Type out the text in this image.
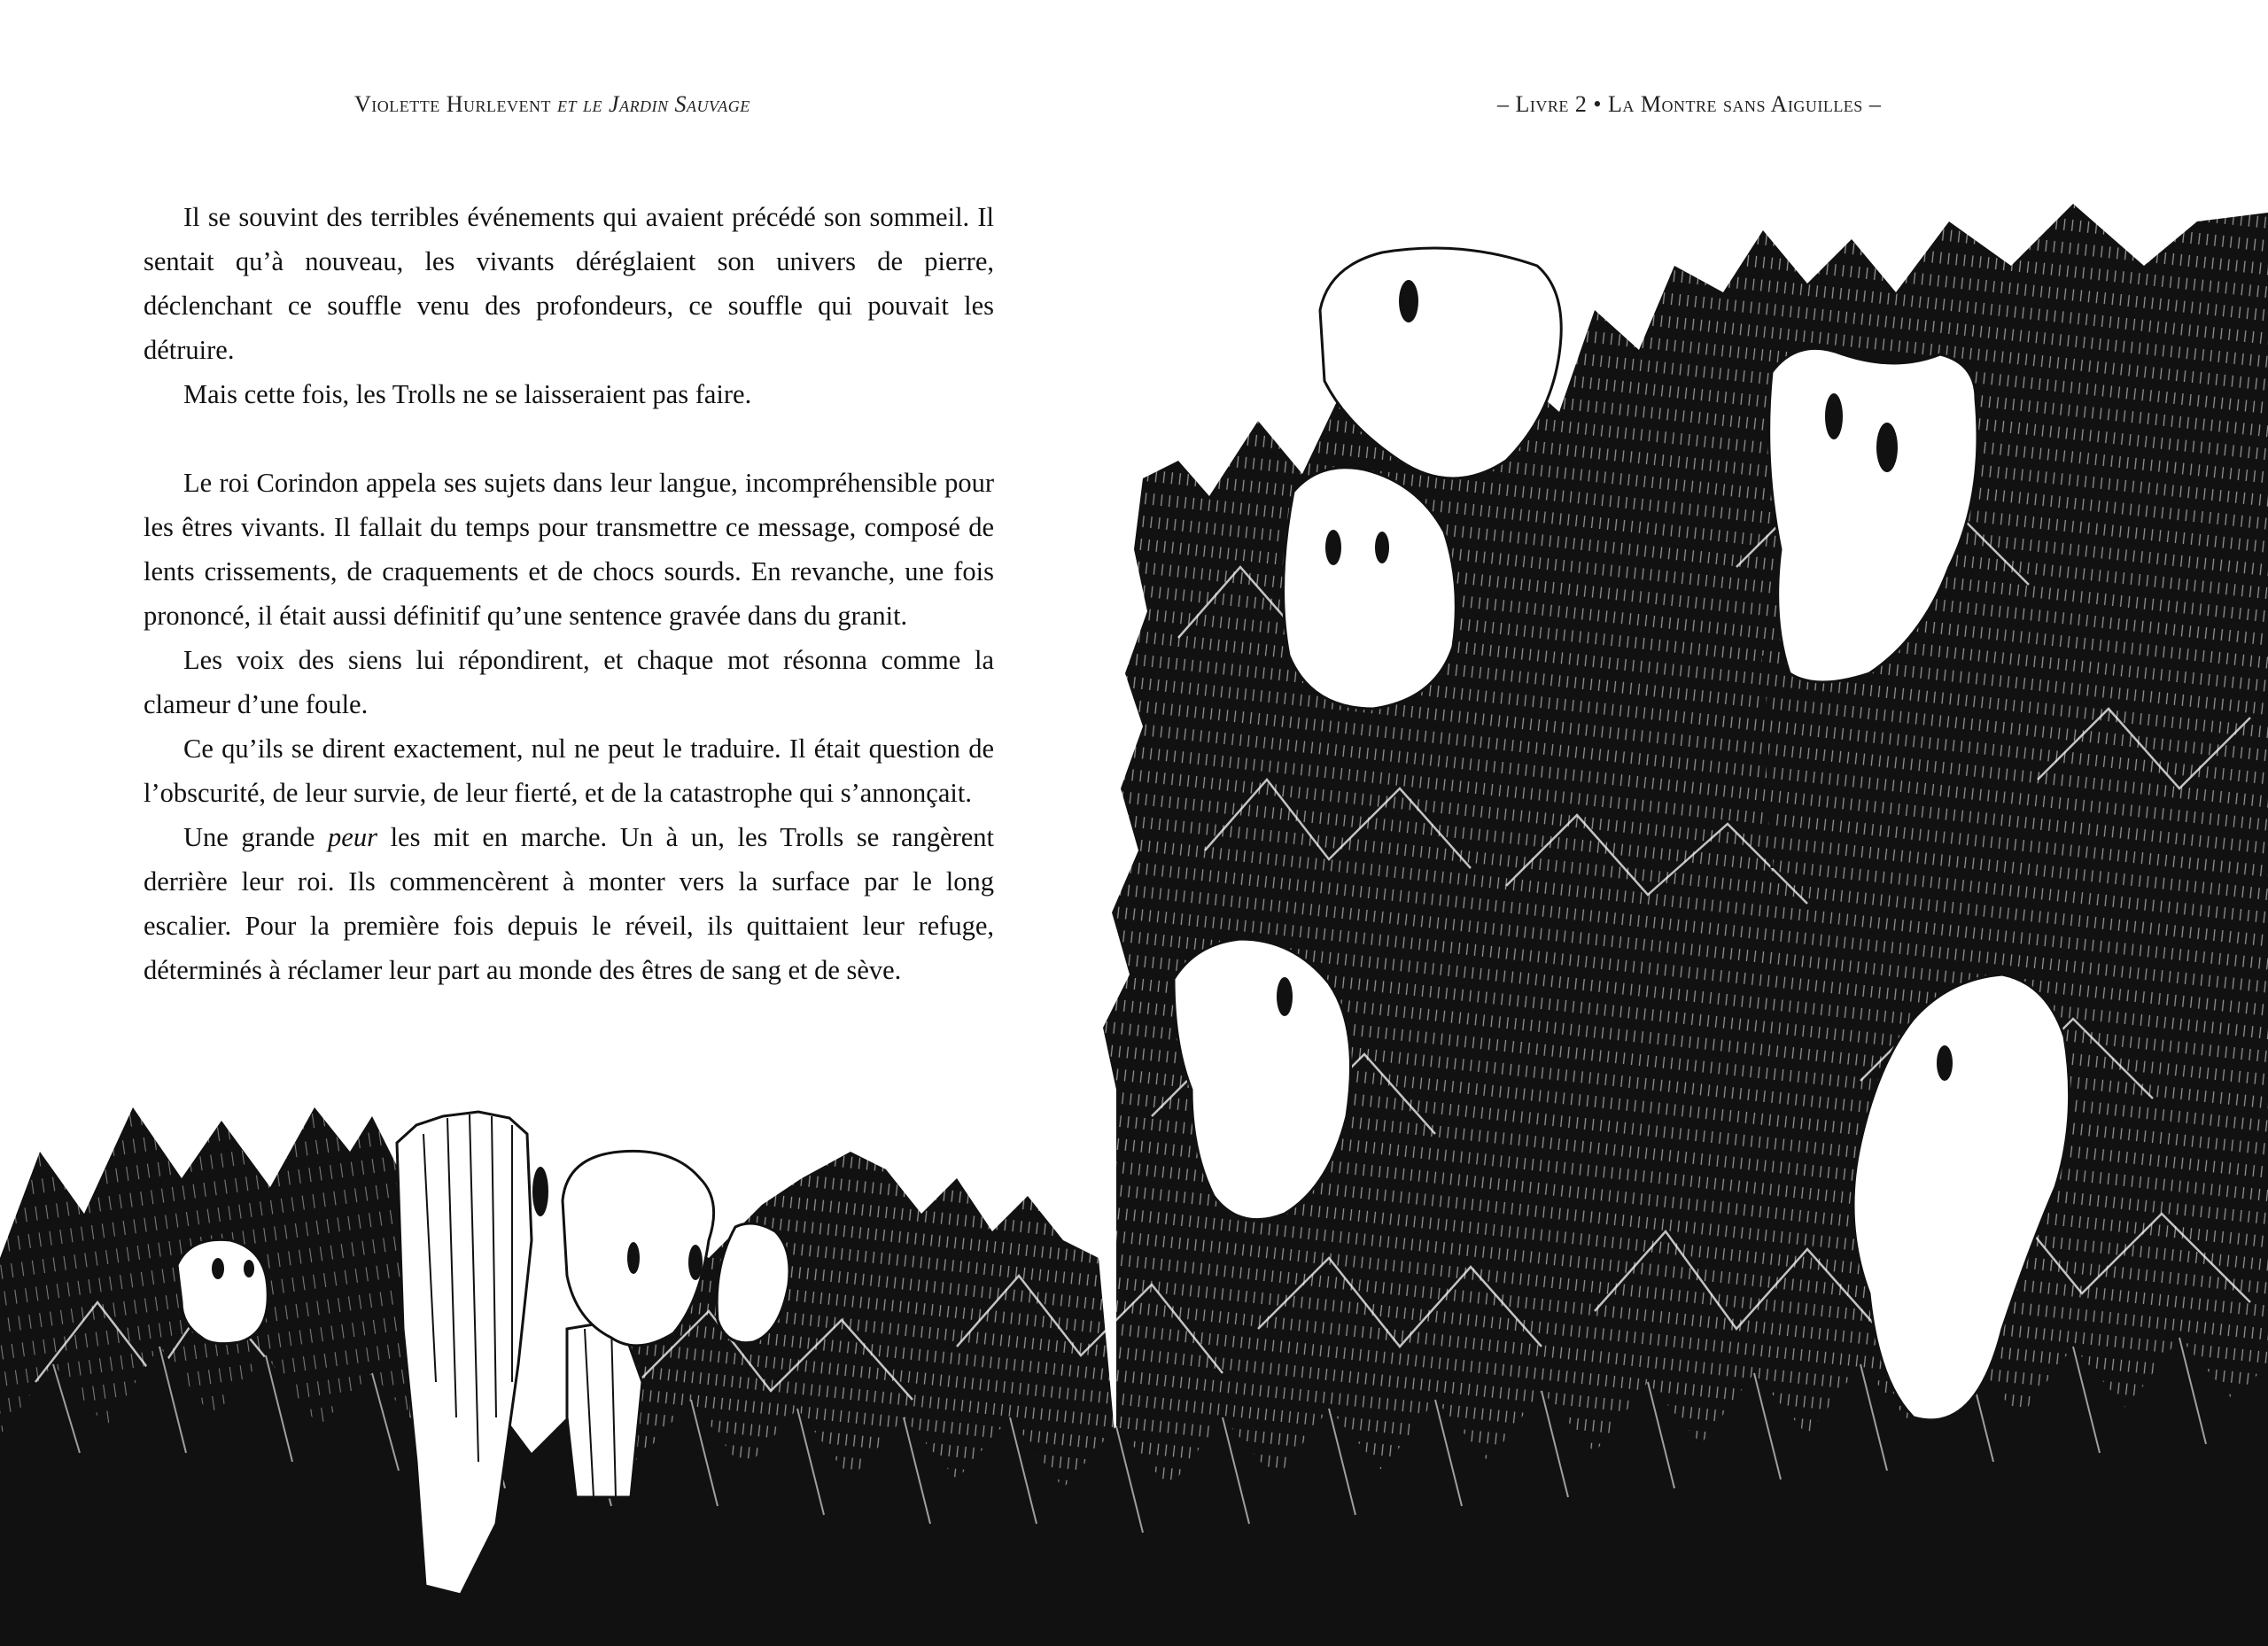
Violette Hurlevent et le Jardin Sauvage	– Livre 2 • La Montre sans Aiguilles –

Il se souvint des terribles événements qui avaient précédé son sommeil. Il sentait qu’à nouveau, les vivants déréglaient son univers de pierre, déclenchant ce souffle venu des profondeurs, ce souffle qui pouvait les détruire.

Mais cette fois, les Trolls ne se laisseraient pas faire.

Le roi Corindon appela ses sujets dans leur langue, incompréhensible pour les êtres vivants. Il fallait du temps pour transmettre ce message, composé de lents crissements, de craquements et de chocs sourds. En revanche, une fois prononcé, il était aussi définitif qu’une sentence gravée dans du granit.

Les voix des siens lui répondirent, et chaque mot résonna comme la clameur d’une foule.

Ce qu’ils se dirent exactement, nul ne peut le traduire. Il était question de l’obscurité, de leur survie, de leur fierté, et de la catastrophe qui s’annonçait.

Une grande peur les mit en marche. Un à un, les Trolls se rangèrent derrière leur roi. Ils commencèrent à monter vers la surface par le long escalier. Pour la première fois depuis le réveil, ils quittaient leur refuge, déterminés à réclamer leur part au monde des êtres de sang et de sève.
